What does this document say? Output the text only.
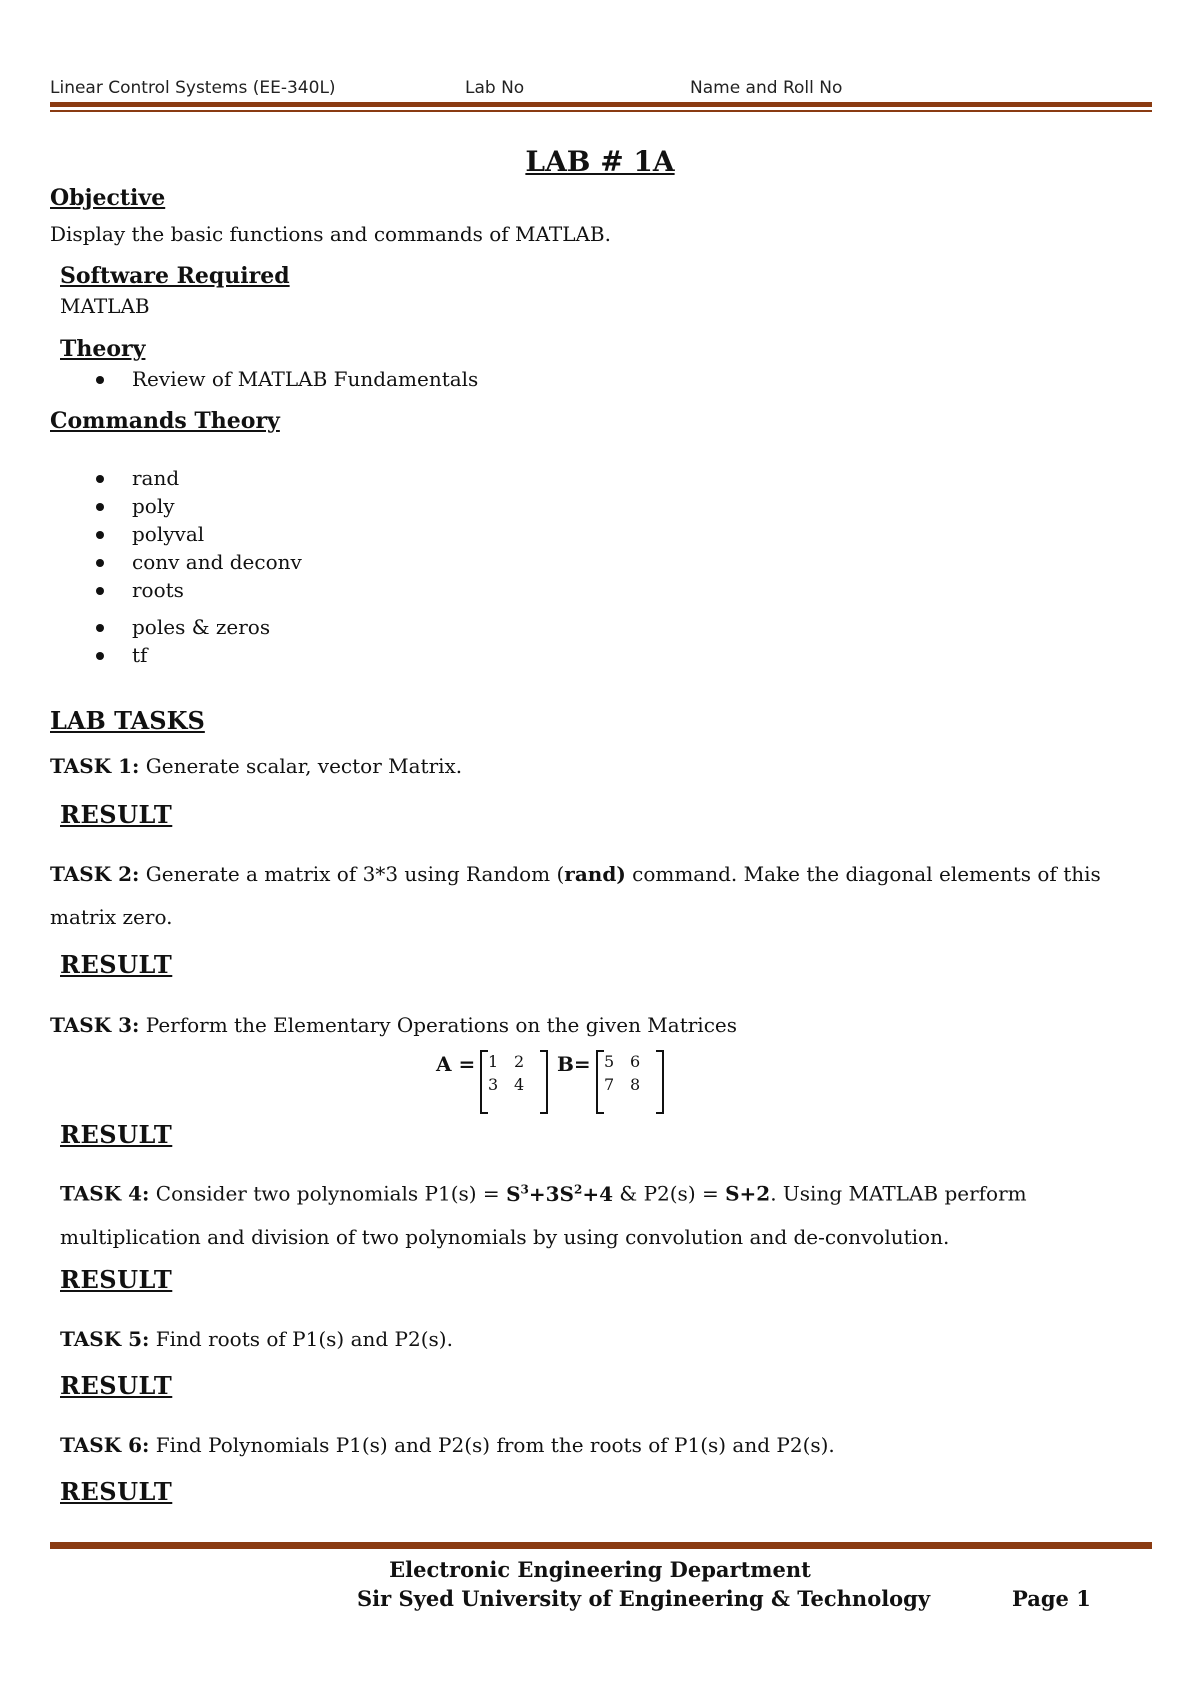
Linear Control Systems (EE-340L)	Lab No	Name and Roll No
LAB # 1A
Objective
Display the basic functions and commands of MATLAB.
Software Required
MATLAB
Theory
Review of MATLAB Fundamentals
Commands Theory
rand
poly
polyval
conv and deconv
roots
poles & zeros
tf
LAB TASKS
TASK 1: Generate scalar, vector Matrix.
RESULT
TASK 2: Generate a matrix of 3*3 using Random (rand) command. Make the diagonal elements of this matrix zero.
RESULT
TASK 3: Perform the Elementary Operations on the given Matrices
A = 1 2
3 4
B= 5 6
7 8
RESULT
TASK 4: Consider two polynomials $P1(s) = S^3+3S^2+4$ & P2(s) = S+2. Using MATLAB perform multiplication and division of two polynomials by using convolution and de-convolution.
RESULT
TASK 5: Find roots of P1(s) and P2(s).
RESULT
TASK 6: Find Polynomials P1(s) and P2(s) from the roots of P1(s) and P2(s).
RESULT
Electronic Engineering Department
Sir Syed University of Engineering & Technology	Page 1
